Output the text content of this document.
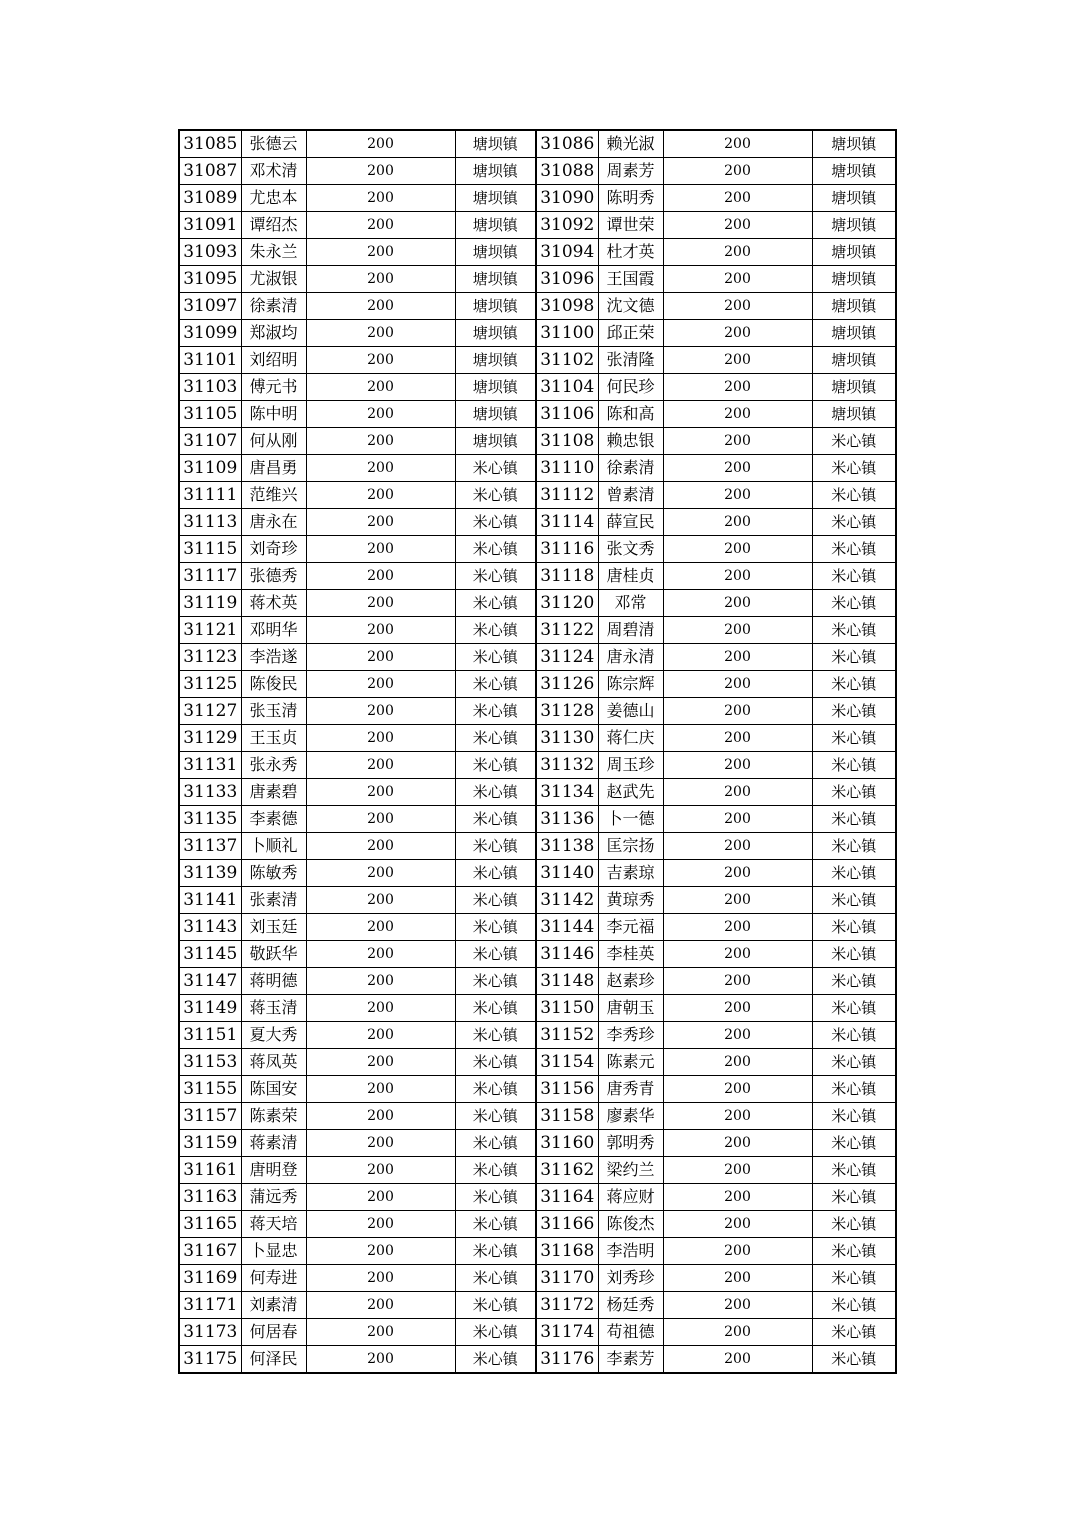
31085	张德云	200	塘坝镇	31086	赖光淑	200	塘坝镇
31087	邓术清	200	塘坝镇	31088	周素芳	200	塘坝镇
31089	尤忠本	200	塘坝镇	31090	陈明秀	200	塘坝镇
31091	谭绍杰	200	塘坝镇	31092	谭世荣	200	塘坝镇
31093	朱永兰	200	塘坝镇	31094	杜才英	200	塘坝镇
31095	尤淑银	200	塘坝镇	31096	王国霞	200	塘坝镇
31097	徐素清	200	塘坝镇	31098	沈文德	200	塘坝镇
31099	郑淑均	200	塘坝镇	31100	邱正荣	200	塘坝镇
31101	刘绍明	200	塘坝镇	31102	张清隆	200	塘坝镇
31103	傅元书	200	塘坝镇	31104	何民珍	200	塘坝镇
31105	陈中明	200	塘坝镇	31106	陈和高	200	塘坝镇
31107	何从刚	200	塘坝镇	31108	赖忠银	200	米心镇
31109	唐昌勇	200	米心镇	31110	徐素清	200	米心镇
31111	范维兴	200	米心镇	31112	曾素清	200	米心镇
31113	唐永在	200	米心镇	31114	薛宣民	200	米心镇
31115	刘奇珍	200	米心镇	31116	张文秀	200	米心镇
31117	张德秀	200	米心镇	31118	唐桂贞	200	米心镇
31119	蒋术英	200	米心镇	31120	邓常	200	米心镇
31121	邓明华	200	米心镇	31122	周碧清	200	米心镇
31123	李浩遂	200	米心镇	31124	唐永清	200	米心镇
31125	陈俊民	200	米心镇	31126	陈宗辉	200	米心镇
31127	张玉清	200	米心镇	31128	姜德山	200	米心镇
31129	王玉贞	200	米心镇	31130	蒋仁庆	200	米心镇
31131	张永秀	200	米心镇	31132	周玉珍	200	米心镇
31133	唐素碧	200	米心镇	31134	赵武先	200	米心镇
31135	李素德	200	米心镇	31136	卜一德	200	米心镇
31137	卜顺礼	200	米心镇	31138	匡宗扬	200	米心镇
31139	陈敏秀	200	米心镇	31140	吉素琼	200	米心镇
31141	张素清	200	米心镇	31142	黄琼秀	200	米心镇
31143	刘玉廷	200	米心镇	31144	李元福	200	米心镇
31145	敬跃华	200	米心镇	31146	李桂英	200	米心镇
31147	蒋明德	200	米心镇	31148	赵素珍	200	米心镇
31149	蒋玉清	200	米心镇	31150	唐朝玉	200	米心镇
31151	夏大秀	200	米心镇	31152	李秀珍	200	米心镇
31153	蒋凤英	200	米心镇	31154	陈素元	200	米心镇
31155	陈国安	200	米心镇	31156	唐秀青	200	米心镇
31157	陈素荣	200	米心镇	31158	廖素华	200	米心镇
31159	蒋素清	200	米心镇	31160	郭明秀	200	米心镇
31161	唐明登	200	米心镇	31162	梁约兰	200	米心镇
31163	蒲远秀	200	米心镇	31164	蒋应财	200	米心镇
31165	蒋天培	200	米心镇	31166	陈俊杰	200	米心镇
31167	卜显忠	200	米心镇	31168	李浩明	200	米心镇
31169	何寿进	200	米心镇	31170	刘秀珍	200	米心镇
31171	刘素清	200	米心镇	31172	杨廷秀	200	米心镇
31173	何居春	200	米心镇	31174	苟祖德	200	米心镇
31175	何泽民	200	米心镇	31176	李素芳	200	米心镇
